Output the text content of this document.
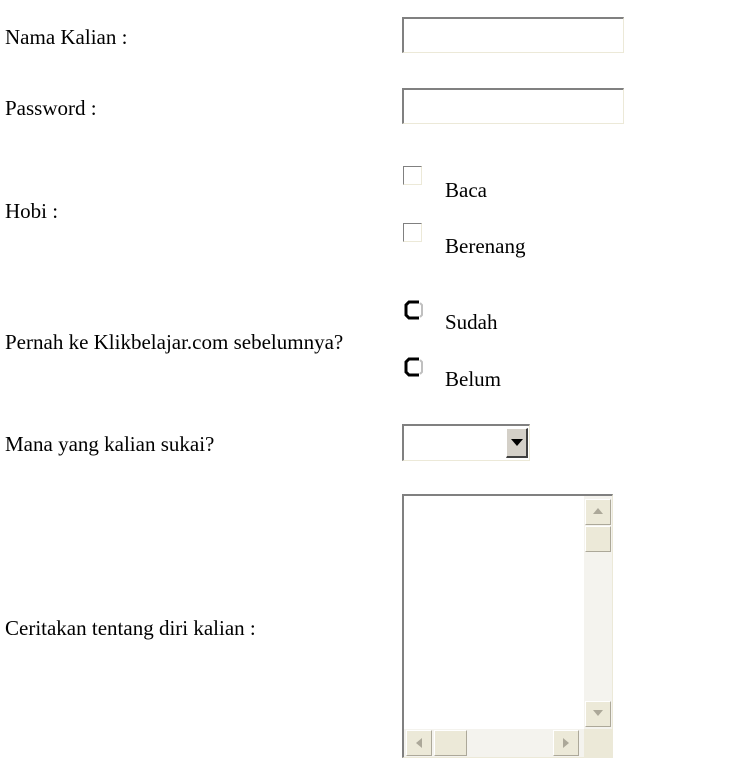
Nama Kalian :
Password :
Hobi :
Baca
Berenang
Pernah ke Klikbelajar.com sebelumnya?
Sudah
Belum
Mana yang kalian sukai?
Ceritakan tentang diri kalian :
